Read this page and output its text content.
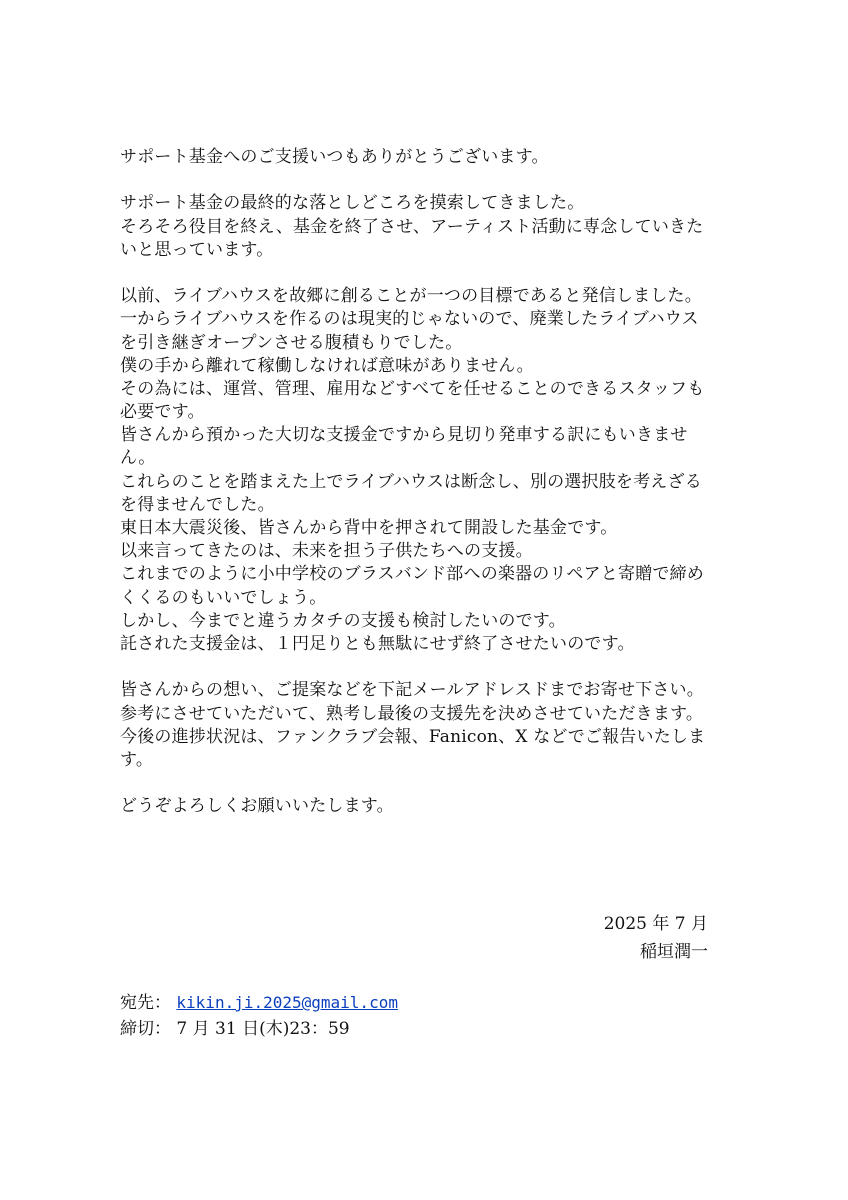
サポート基金へのご支援いつもありがとうございます。
サポート基金の最終的な落としどころを摸索してきました。
そろそろ役目を終え、基金を終了させ、アーティスト活動に専念していきた
いと思っています。
以前、ライブハウスを故郷に創ることが一つの目標であると発信しました。
一からライブハウスを作るのは現実的じゃないので、廃業したライブハウス
を引き継ぎオープンさせる腹積もりでした。
僕の手から離れて稼働しなければ意味がありません。
その為には、運営、管理、雇用などすべてを任せることのできるスタッフも
必要です。
皆さんから預かった大切な支援金ですから見切り発車する訳にもいきませ
ん。
これらのことを踏まえた上でライブハウスは断念し、別の選択肢を考えざる
を得ませんでした。
東日本大震災後、皆さんから背中を押されて開設した基金です。
以来言ってきたのは、未来を担う子供たちへの支援。
これまでのように小中学校のブラスバンド部への楽器のリペアと寄贈で締め
くくるのもいいでしょう。
しかし、今までと違うカタチの支援も検討したいのです。
託された支援金は、１円足りとも無駄にせず終了させたいのです。
皆さんからの想い、ご提案などを下記メールアドレスドまでお寄せ下さい。
参考にさせていただいて、熟考し最後の支援先を決めさせていただきます。
今後の進捗状況は、ファンクラブ会報、Fanicon、X などでご報告いたしま
す。
どうぞよろしくお願いいたします。
2025 年 7 月
稲垣潤一
宛先： kikin.ji.2025@gmail.com
締切： 7 月 31 日(木)23：59
